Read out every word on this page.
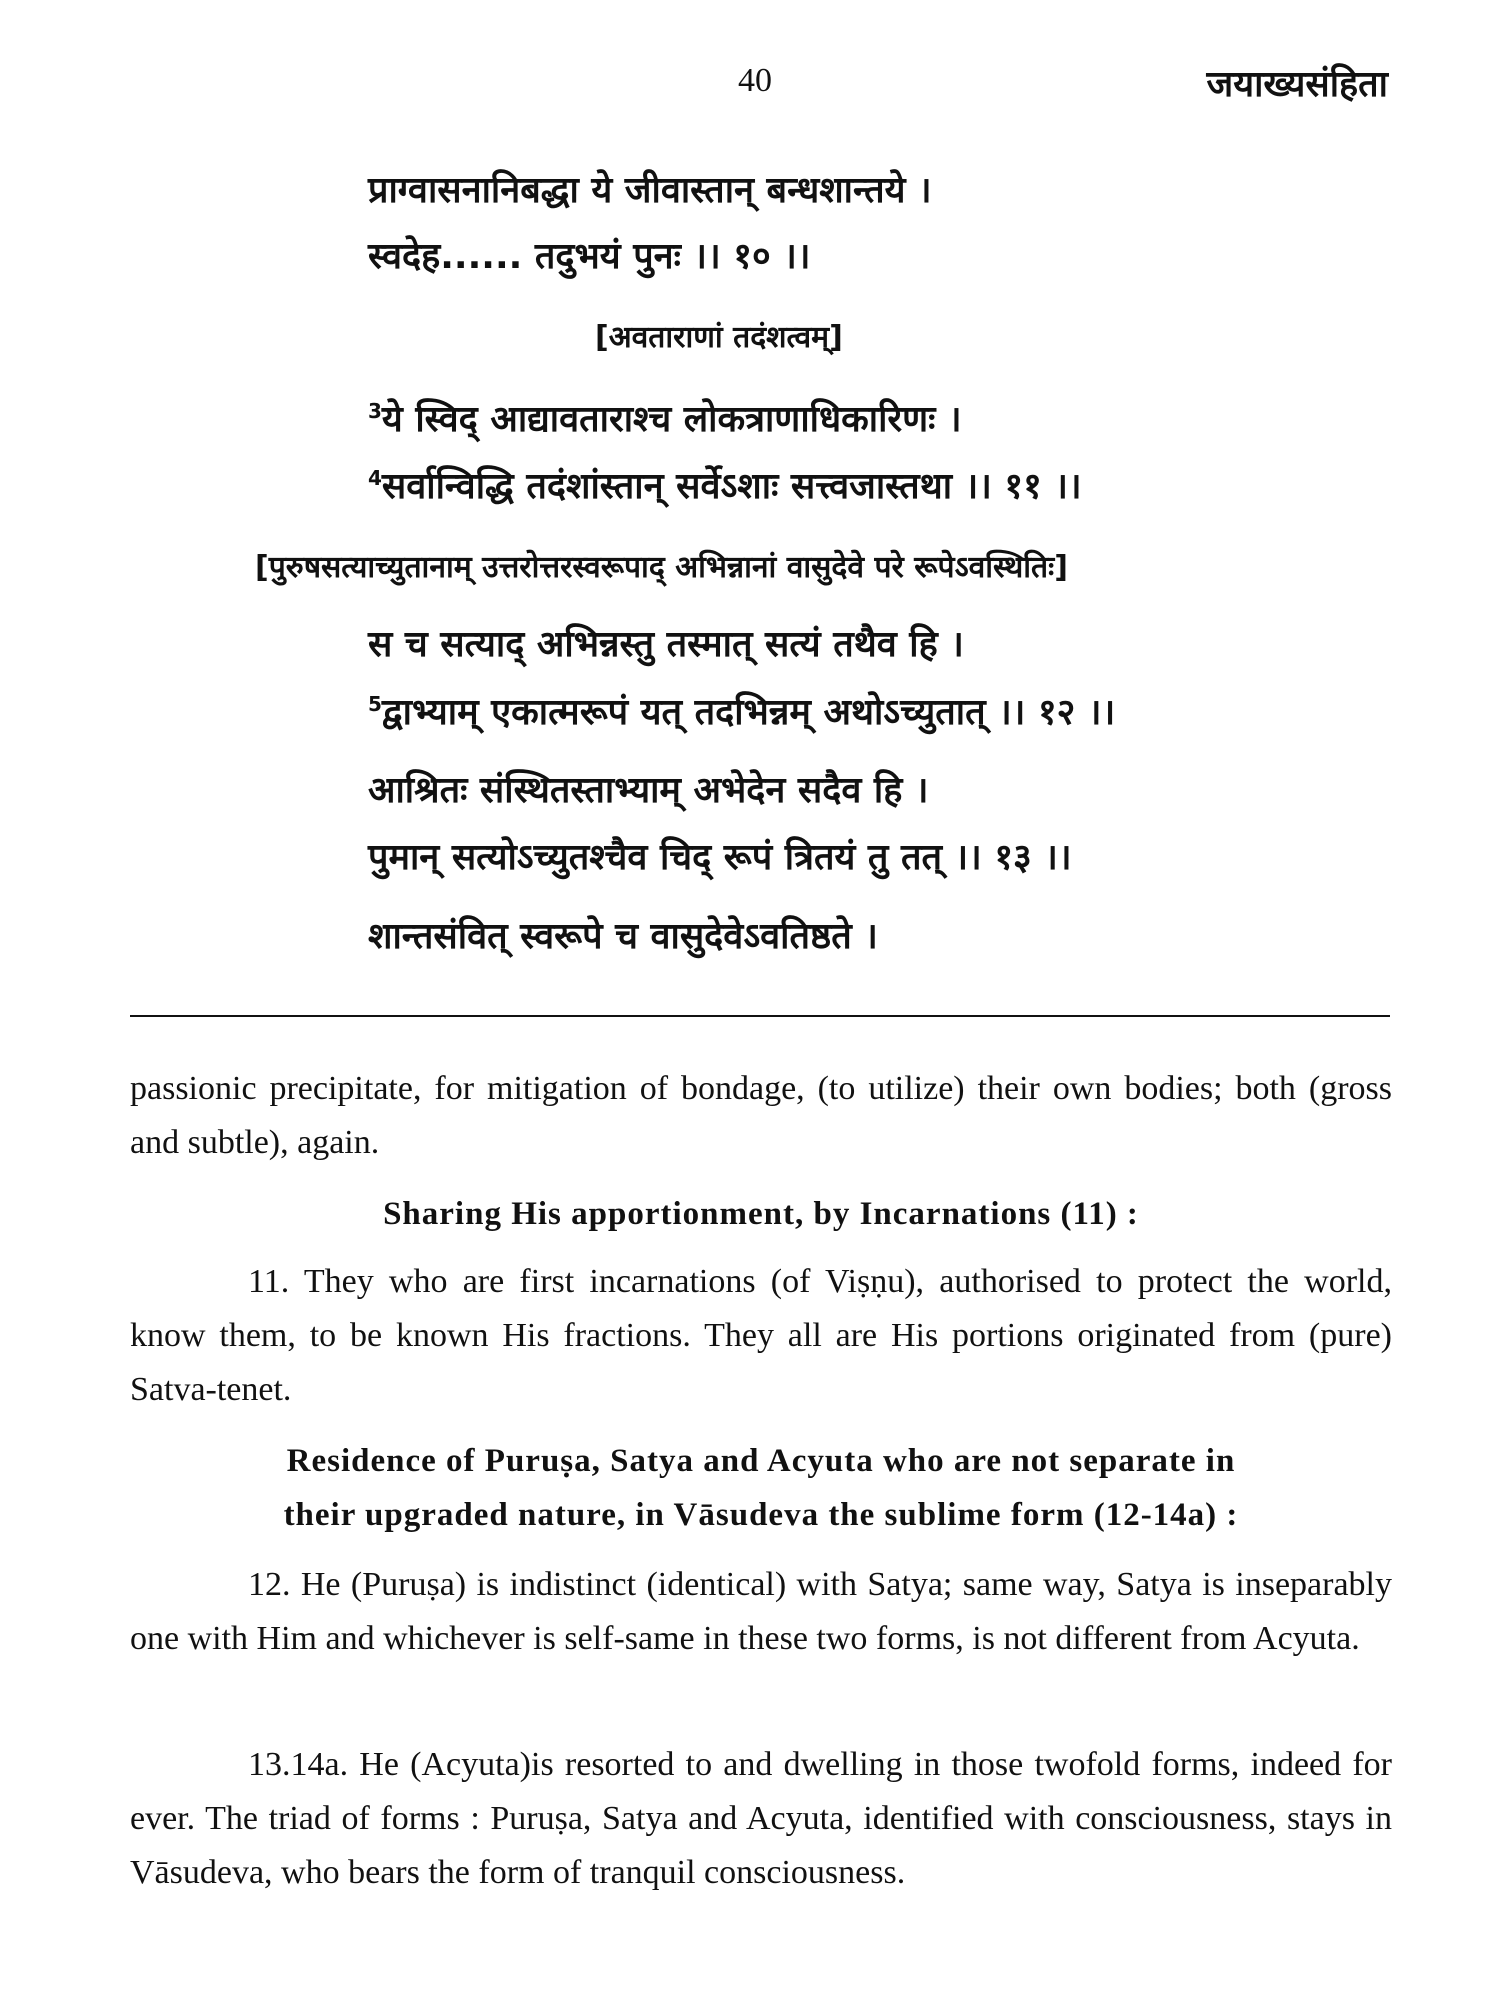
40	जयाख्यसंहिता
प्राग्वासनानिबद्धा ये जीवास्तान् बन्धशान्तये ।
स्वदेह...... तदुभयं पुनः ।। १० ।।
[अवताराणां तदंशत्वम्]
$^3$ये स्विद् आद्यावताराश्च लोकत्राणाधिकारिणः ।
$^4$सर्वान्विद्धि तदंशांस्तान् सर्वेऽशाः सत्त्वजास्तथा ।। ११ ।।
[पुरुषसत्याच्युतानाम् उत्तरोत्तरस्वरूपाद् अभिन्नानां वासुदेवे परे रूपेऽवस्थितिः]
स च सत्याद् अभिन्नस्तु तस्मात् सत्यं तथैव हि ।
$^5$द्वाभ्याम् एकात्मरूपं यत् तदभिन्नम् अथोऽच्युतात् ।। १२ ।।
आश्रितः संस्थितस्ताभ्याम् अभेदेन सदैव हि ।
पुमान् सत्योऽच्युतश्चैव चिद् रूपं त्रितयं तु तत् ।। १३ ।।
शान्तसंवित् स्वरूपे च वासुदेवेऽवतिष्ठते ।

passionic precipitate, for mitigation of bondage, (to utilize) their own bodies; both (gross and subtle), again.

Sharing His apportionment, by Incarnations (11) :

11. They who are first incarnations (of Viṣṇu), authorised to protect the world, know them, to be known His fractions. They all are His portions originated from (pure) Satva-tenet.

Residence of Puruṣa, Satya and Acyuta who are not separate in
their upgraded nature, in Vāsudeva the sublime form (12-14a) :

12. He (Puruṣa) is indistinct (identical) with Satya; same way, Satya is inseparably one with Him and whichever is self-same in these two forms, is not different from Acyuta.

13.14a. He (Acyuta)is resorted to and dwelling in those twofold forms, indeed for ever. The triad of forms : Puruṣa, Satya and Acyuta, identified with consciousness, stays in Vāsudeva, who bears the form of tranquil consciousness.
